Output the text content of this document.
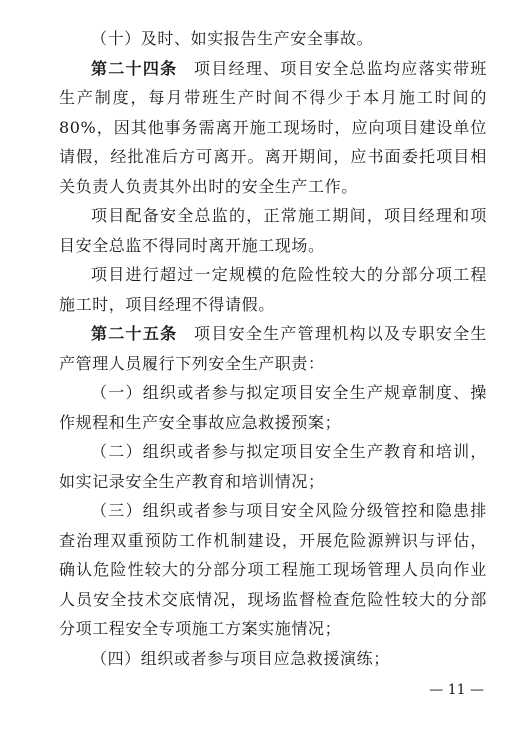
（十）及时、如实报告生产安全事故。

第二十四条 项目经理、项目安全总监均应落实带班生产制度，每月带班生产时间不得少于本月施工时间的80%，因其他事务需离开施工现场时，应向项目建设单位请假，经批准后方可离开。离开期间，应书面委托项目相关负责人负责其外出时的安全生产工作。

项目配备安全总监的，正常施工期间，项目经理和项目安全总监不得同时离开施工现场。

项目进行超过一定规模的危险性较大的分部分项工程施工时，项目经理不得请假。

第二十五条 项目安全生产管理机构以及专职安全生产管理人员履行下列安全生产职责：

（一）组织或者参与拟定项目安全生产规章制度、操作规程和生产安全事故应急救援预案；

（二）组织或者参与拟定项目安全生产教育和培训，如实记录安全生产教育和培训情况；

（三）组织或者参与项目安全风险分级管控和隐患排查治理双重预防工作机制建设，开展危险源辨识与评估，确认危险性较大的分部分项工程施工现场管理人员向作业人员安全技术交底情况，现场监督检查危险性较大的分部分项工程安全专项施工方案实施情况；

（四）组织或者参与项目应急救援演练；

— 11 —
